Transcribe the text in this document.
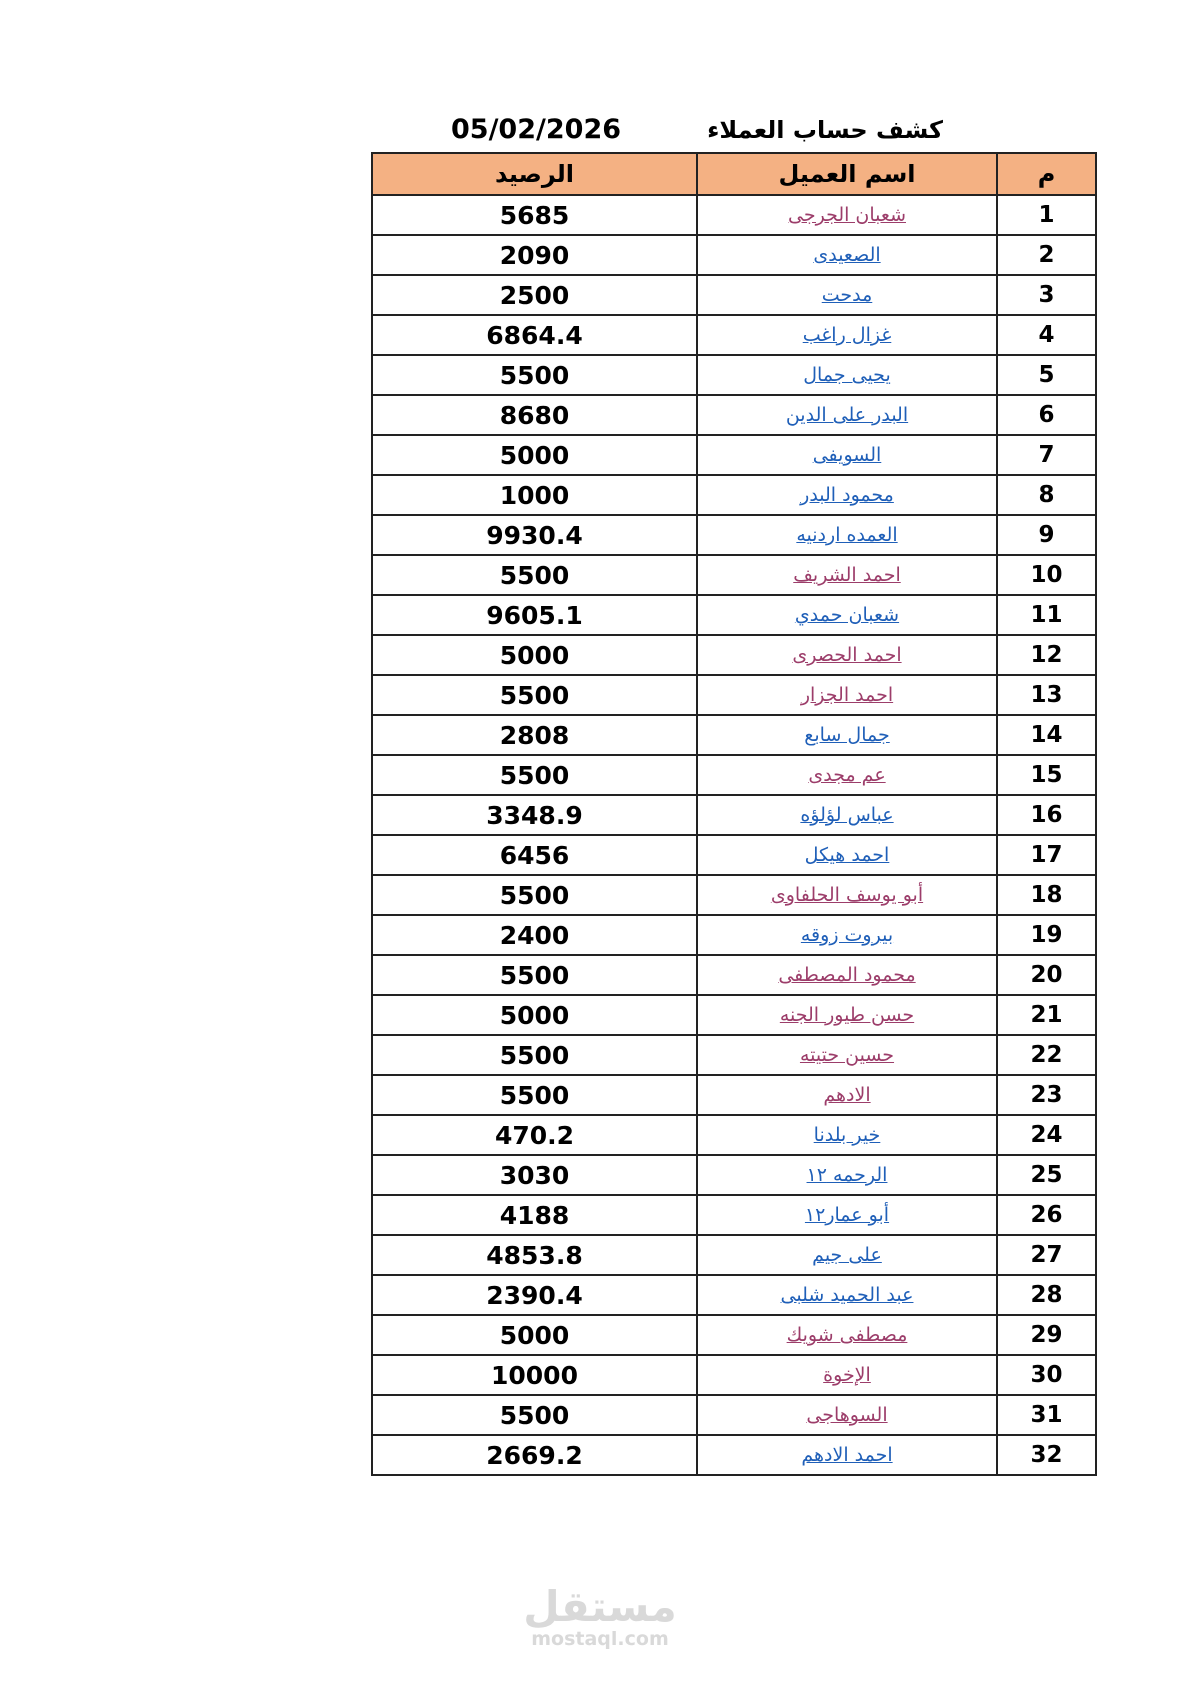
كشف حساب العملاء
05/02/2026
م	اسم العميل	الرصيد
1	شعبان الجرجى	5685
2	الصعيدى	2090
3	مدحت	2500
4	غزال راغب	6864.4
5	يحيى جمال	5500
6	البدر على الدين	8680
7	السويفى	5000
8	محمود البدر	1000
9	العمده اردنيه	9930.4
10	احمد الشريف	5500
11	شعبان حمدي	9605.1
12	احمد الحصرى	5000
13	احمد الجزار	5500
14	جمال سابع	2808
15	عم مجدى	5500
16	عباس لؤلؤه	3348.9
17	احمد هيكل	6456
18	أبو يوسف الحلفاوى	5500
19	بيروت زوقه	2400
20	محمود المصطفى	5500
21	حسن طيور الجنه	5000
22	حسين حتيته	5500
23	الادهم	5500
24	خير بلدنا	470.2
25	الرحمه ١٢	3030
26	أبو عمار١٢	4188
27	على جيم	4853.8
28	عبد الحميد شلبى	2390.4
29	مصطفى شويك	5000
30	الإخوة	10000
31	السوهاجى	5500
32	احمد الادهم	2669.2
مستقل
mostaql.com
